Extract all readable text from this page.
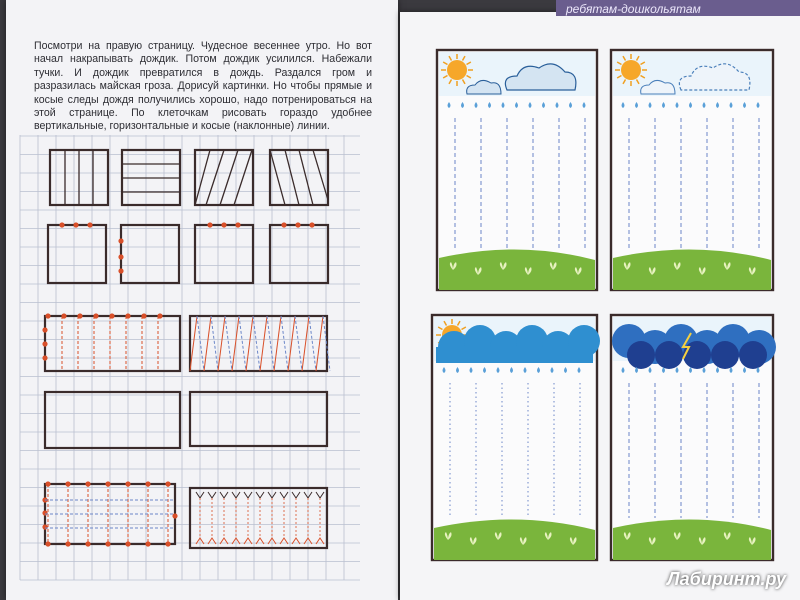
Посмотри на правую страницу. Чудесное весеннее утро. Но вот начал накрапывать дождик. Потом дождик усилился. Набежали тучки. И дождик превратился в дождь. Раздался гром и разразилась майская гроза. Дорисуй картинки. Но чтобы прямые и косые следы дождя получились хорошо, надо потренироваться на этой странице. По клеточкам рисовать гораздо удобнее вертикальные, горизонтальные и косые (наклонные) линии.
ребятам-дошкольятам
Лабиринт.ру
